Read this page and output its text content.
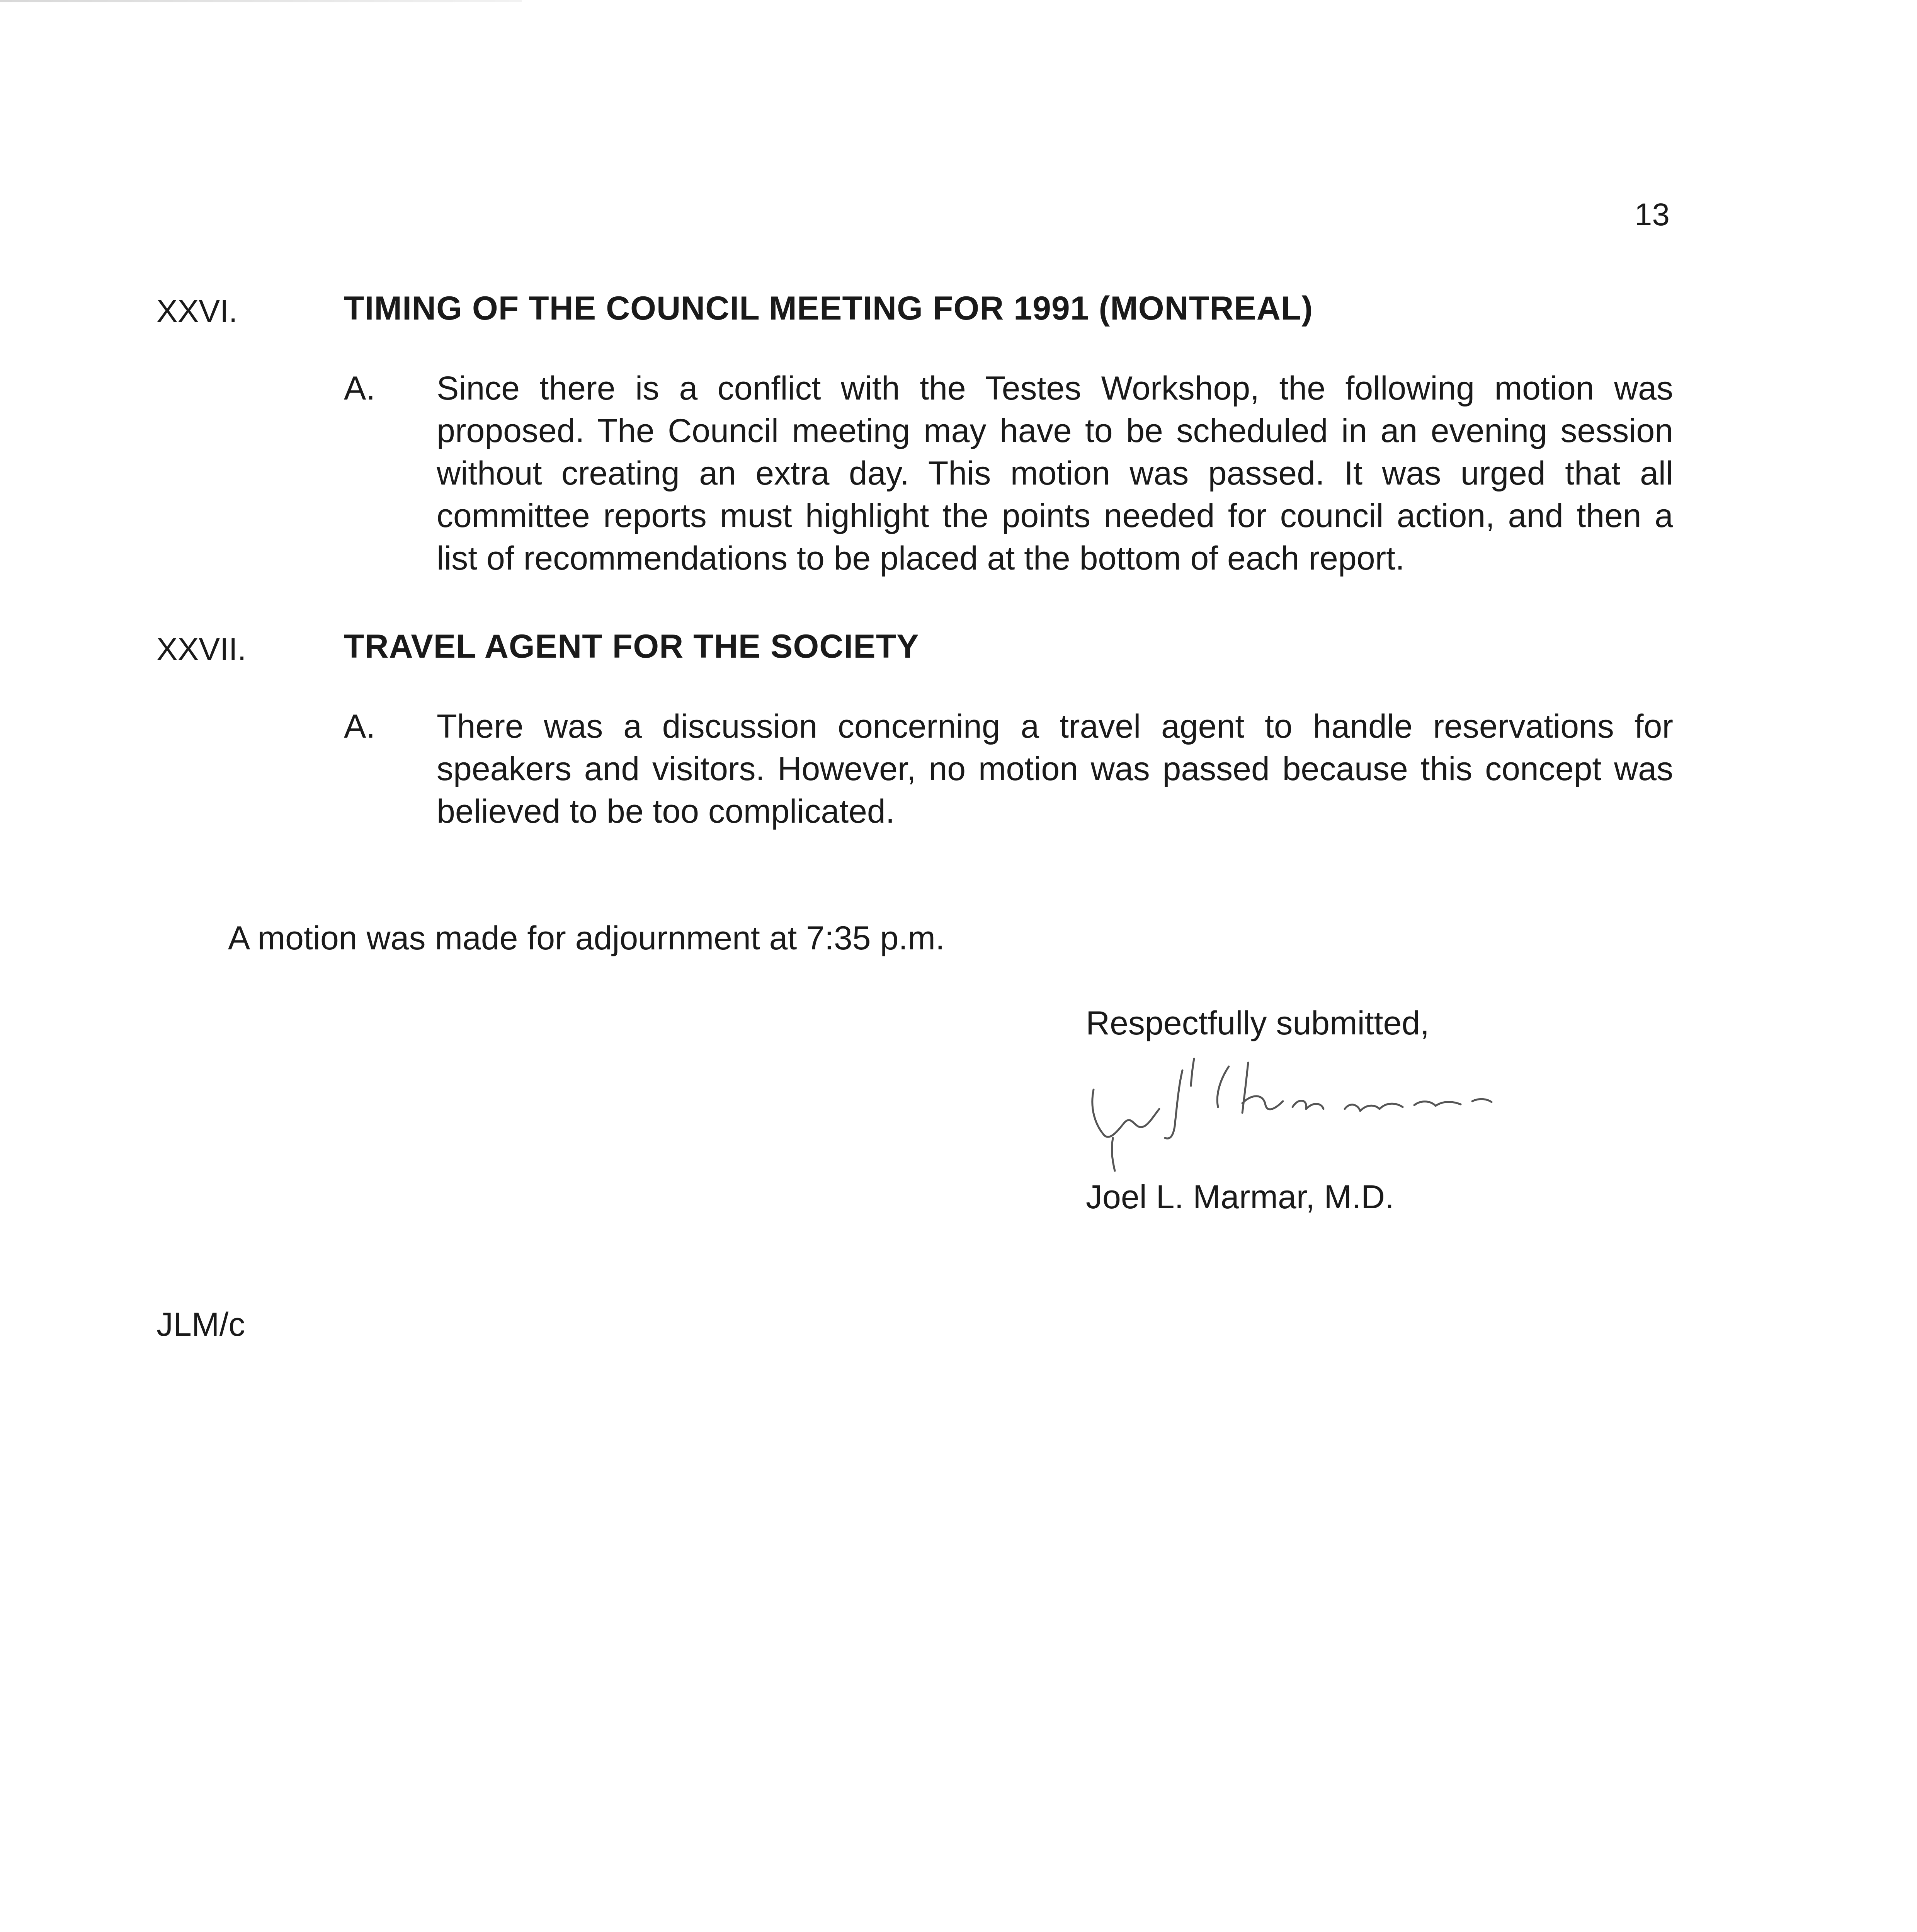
13
XXVI.	TIMING OF THE COUNCIL MEETING FOR 1991 (MONTREAL)
A. Since there is a conflict with the Testes Workshop, the following motion was proposed. The Council meeting may have to be scheduled in an evening session without creating an extra day. This motion was passed. It was urged that all committee reports must highlight the points needed for council action, and then a list of recommendations to be placed at the bottom of each report.
XXVII.	TRAVEL AGENT FOR THE SOCIETY
A. There was a discussion concerning a travel agent to handle reservations for speakers and visitors. However, no motion was passed because this concept was believed to be too complicated.
A motion was made for adjournment at 7:35 p.m.
Respectfully submitted,
Joel L. Marmar, M.D.
JLM/c
